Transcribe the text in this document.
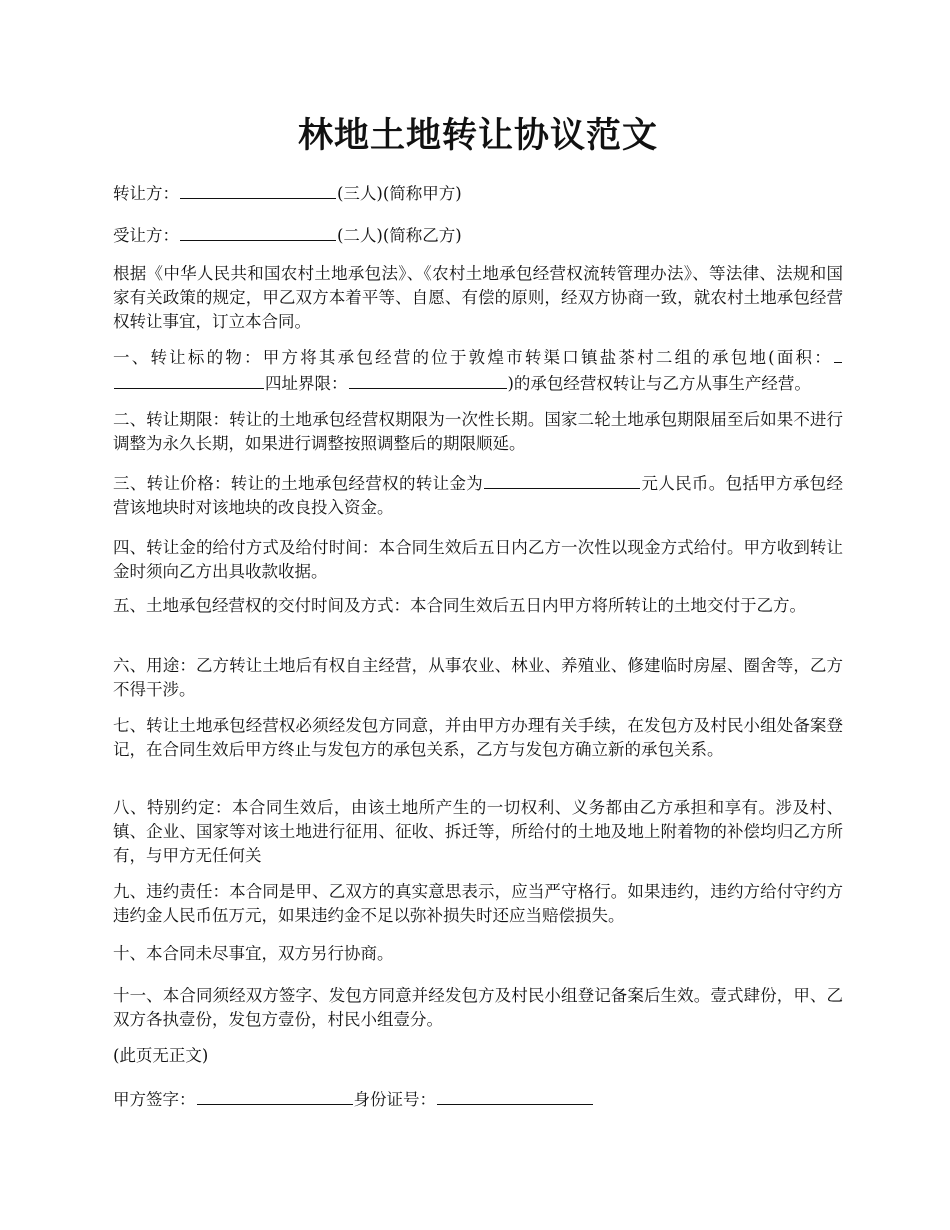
林地土地转让协议范文

转让方：	(三人)(简称甲方)

受让方：	(二人)(简称乙方)

根据《中华人民共和国农村土地承包法》、《农村土地承包经营权流转管理办法》、等法律、法规和国家有关政策的规定，甲乙双方本着平等、自愿、有偿的原则，经双方协商一致，就农村土地承包经营权转让事宜，订立本合同。

一、转让标的物：甲方将其承包经营的位于敦煌市转渠口镇盐茶村二组的承包地(面积：四址界限：	)的承包经营权转让与乙方从事生产经营。

二、转让期限：转让的土地承包经营权期限为一次性长期。国家二轮土地承包期限届至后如果不进行调整为永久长期，如果进行调整按照调整后的期限顺延。

三、转让价格：转让的土地承包经营权的转让金为	元人民币。包括甲方承包经营该地块时对该地块的改良投入资金。

四、转让金的给付方式及给付时间：本合同生效后五日内乙方一次性以现金方式给付。甲方收到转让金时须向乙方出具收款收据。

五、土地承包经营权的交付时间及方式：本合同生效后五日内甲方将所转让的土地交付于乙方。

六、用途：乙方转让土地后有权自主经营，从事农业、林业、养殖业、修建临时房屋、圈舍等，乙方不得干涉。

七、转让土地承包经营权必须经发包方同意，并由甲方办理有关手续，在发包方及村民小组处备案登记，在合同生效后甲方终止与发包方的承包关系，乙方与发包方确立新的承包关系。

八、特别约定：本合同生效后，由该土地所产生的一切权利、义务都由乙方承担和享有。涉及村、镇、企业、国家等对该土地进行征用、征收、拆迁等，所给付的土地及地上附着物的补偿均归乙方所有，与甲方无任何关

九、违约责任：本合同是甲、乙双方的真实意思表示，应当严守格行。如果违约，违约方给付守约方违约金人民币伍万元，如果违约金不足以弥补损失时还应当赔偿损失。

十、本合同未尽事宜，双方另行协商。

十一、本合同须经双方签字、发包方同意并经发包方及村民小组登记备案后生效。壹式肆份，甲、乙双方各执壹份，发包方壹份，村民小组壹分。

(此页无正文)

甲方签字：	身份证号：
